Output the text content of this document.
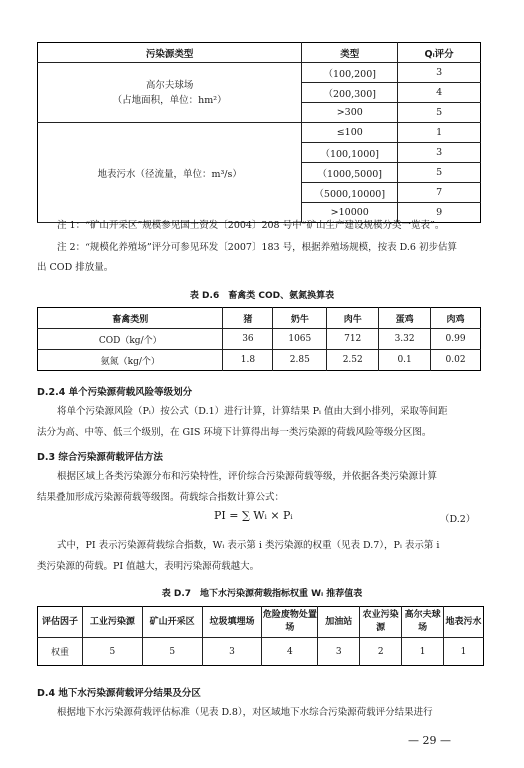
污染源类型	类型	Qᵢ评分

高尔夫球场
（占地面积，单位：hm²）	（100,200]	3
	（200,300]	4
	>300	5
地表污水（径流量，单位：m³/s）	≤100	1
	（100,1000]	3
	（1000,5000]	5
	（5000,10000]	7
	>10000	9
注 1：“矿山开采区”规模参见国土资发〔2004〕208 号中“矿山生产建设规模分类一览表”。
注 2：“规模化养殖场”评分可参见环发〔2007〕183 号，根据养殖场规模，按表 D.6 初步估算
出 COD 排放量。
表 D.6　畜禽类 COD、氨氮换算表
畜禽类别	猪	奶牛	肉牛	蛋鸡	肉鸡
COD（kg/个）	36	1065	712	3.32	0.99
氨氮（kg/个）	1.8	2.85	2.52	0.1	0.02
D.2.4 单个污染源荷载风险等级划分
将单个污染源风险（Pᵢ）按公式（D.1）进行计算，计算结果 Pᵢ 值由大到小排列，采取等间距
法分为高、中等、低三个级别，在 GIS 环境下计算得出每一类污染源的荷载风险等级分区图。
D.3 综合污染源荷载评估方法
根据区域上各类污染源分布和污染特性，评价综合污染源荷载等级，并依据各类污染源计算
结果叠加形成污染源荷载等级图。荷载综合指数计算公式：
PI = ∑ Wᵢ × Pᵢ	（D.2）
式中，PI 表示污染源荷载综合指数，Wᵢ 表示第 i 类污染源的权重（见表 D.7），Pᵢ 表示第 i
类污染源的荷载。PI 值越大，表明污染源荷载越大。
表 D.7　地下水污染源荷载指标权重 Wᵢ 推荐值表
评估因子	工业污染源	矿山开采区	垃圾填埋场	危险废物处置场	加油站	农业污染源	高尔夫球场	地表污水
权重	5	5	3	4	3	2	1	1
D.4 地下水污染源荷载评分结果及分区
根据地下水污染源荷载评估标准（见表 D.8），对区域地下水综合污染源荷载评分结果进行
— 29 —
